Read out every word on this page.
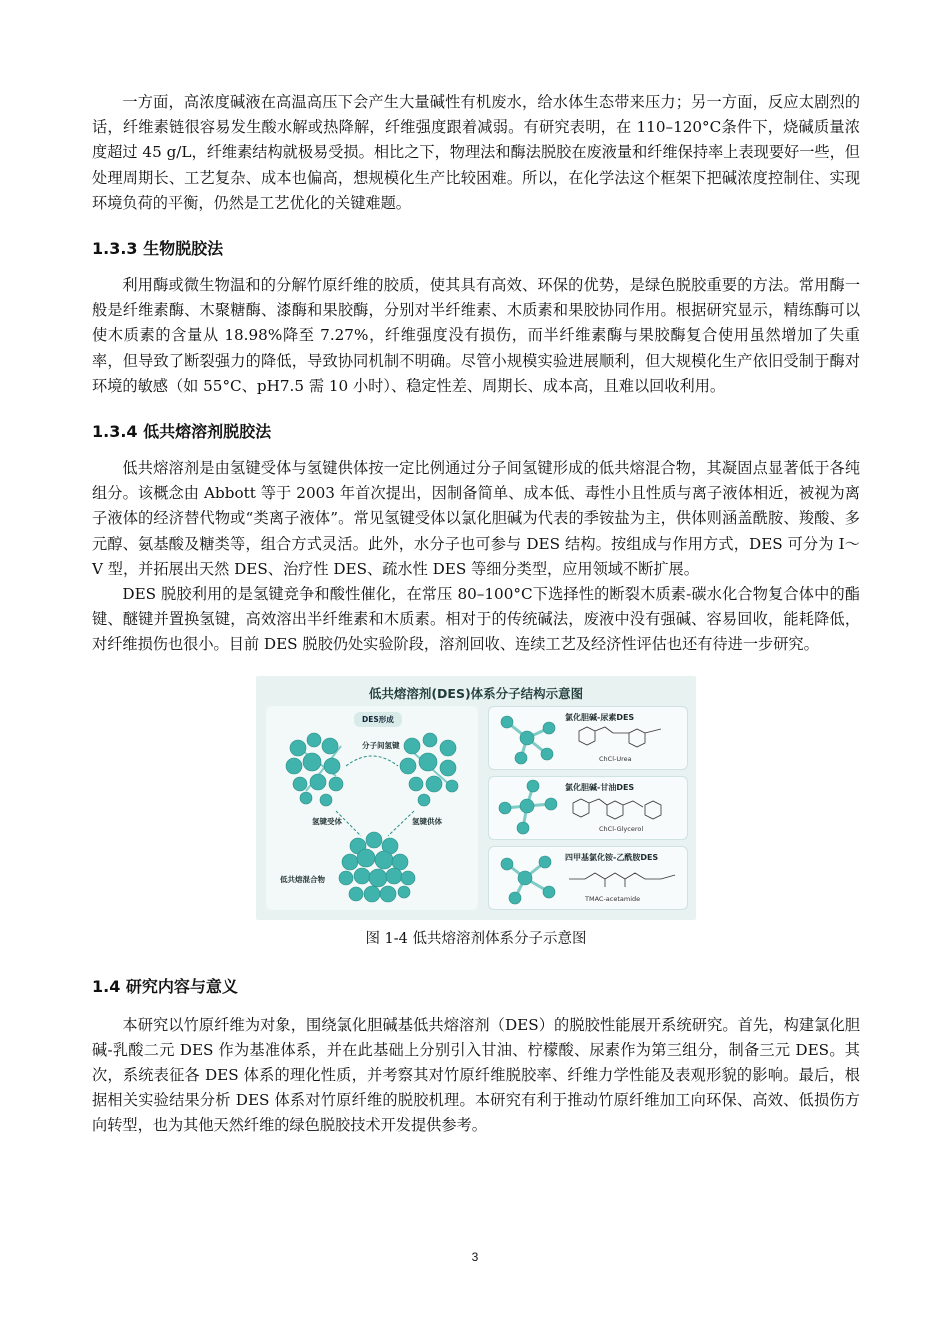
一方面，高浓度碱液在高温高压下会产生大量碱性有机废水，给水体生态带来压力；另一方面，反应太剧烈的话，纤维素链很容易发生酸水解或热降解，纤维强度跟着减弱。有研究表明，在 110–120°C条件下，烧碱质量浓度超过 45 g/L，纤维素结构就极易受损。相比之下，物理法和酶法脱胶在废液量和纤维保持率上表现要好一些，但处理周期长、工艺复杂、成本也偏高，想规模化生产比较困难。所以，在化学法这个框架下把碱浓度控制住、实现环境负荷的平衡，仍然是工艺优化的关键难题。

1.3.3 生物脱胶法

利用酶或微生物温和的分解竹原纤维的胶质，使其具有高效、环保的优势，是绿色脱胶重要的方法。常用酶一般是纤维素酶、木聚糖酶、漆酶和果胶酶，分别对半纤维素、木质素和果胶协同作用。根据研究显示，精练酶可以使木质素的含量从 18.98%降至 7.27%，纤维强度没有损伤，而半纤维素酶与果胶酶复合使用虽然增加了失重率，但导致了断裂强力的降低，导致协同机制不明确。尽管小规模实验进展顺利，但大规模化生产依旧受制于酶对环境的敏感（如 55°C、pH7.5 需 10 小时）、稳定性差、周期长、成本高，且难以回收利用。

1.3.4 低共熔溶剂脱胶法

低共熔溶剂是由氢键受体与氢键供体按一定比例通过分子间氢键形成的低共熔混合物，其凝固点显著低于各纯组分。该概念由 Abbott 等于 2003 年首次提出，因制备简单、成本低、毒性小且性质与离子液体相近，被视为离子液体的经济替代物或“类离子液体”。常见氢键受体以氯化胆碱为代表的季铵盐为主，供体则涵盖酰胺、羧酸、多元醇、氨基酸及糖类等，组合方式灵活。此外，水分子也可参与 DES 结构。按组成与作用方式，DES 可分为 I～V 型，并拓展出天然 DES、治疗性 DES、疏水性 DES 等细分类型，应用领域不断扩展。

DES 脱胶利用的是氢键竞争和酸性催化，在常压 80–100°C下选择性的断裂木质素-碳水化合物复合体中的酯键、醚键并置换氢键，高效溶出半纤维素和木质素。相对于的传统碱法，废液中没有强碱、容易回收，能耗降低，对纤维损伤也很小。目前 DES 脱胶仍处实验阶段，溶剂回收、连续工艺及经济性评估也还有待进一步研究。

低共熔溶剂(DES)体系分子结构示意图
DES形成
分子间氢键
氢键受体	氢键供体
低共熔混合物
氯化胆碱-尿素DES
ChCl-Urea
氯化胆碱-甘油DES
ChCl-Glycerol
四甲基氯化铵-乙酰胺DES
TMAC-acetamide
图 1-4 低共熔溶剂体系分子示意图
1.4 研究内容与意义

本研究以竹原纤维为对象，围绕氯化胆碱基低共熔溶剂（DES）的脱胶性能展开系统研究。首先，构建氯化胆碱-乳酸二元 DES 作为基准体系，并在此基础上分别引入甘油、柠檬酸、尿素作为第三组分，制备三元 DES。其次，系统表征各 DES 体系的理化性质，并考察其对竹原纤维脱胶率、纤维力学性能及表观形貌的影响。最后，根据相关实验结果分析 DES 体系对竹原纤维的脱胶机理。本研究有利于推动竹原纤维加工向环保、高效、低损伤方向转型，也为其他天然纤维的绿色脱胶技术开发提供参考。

3
